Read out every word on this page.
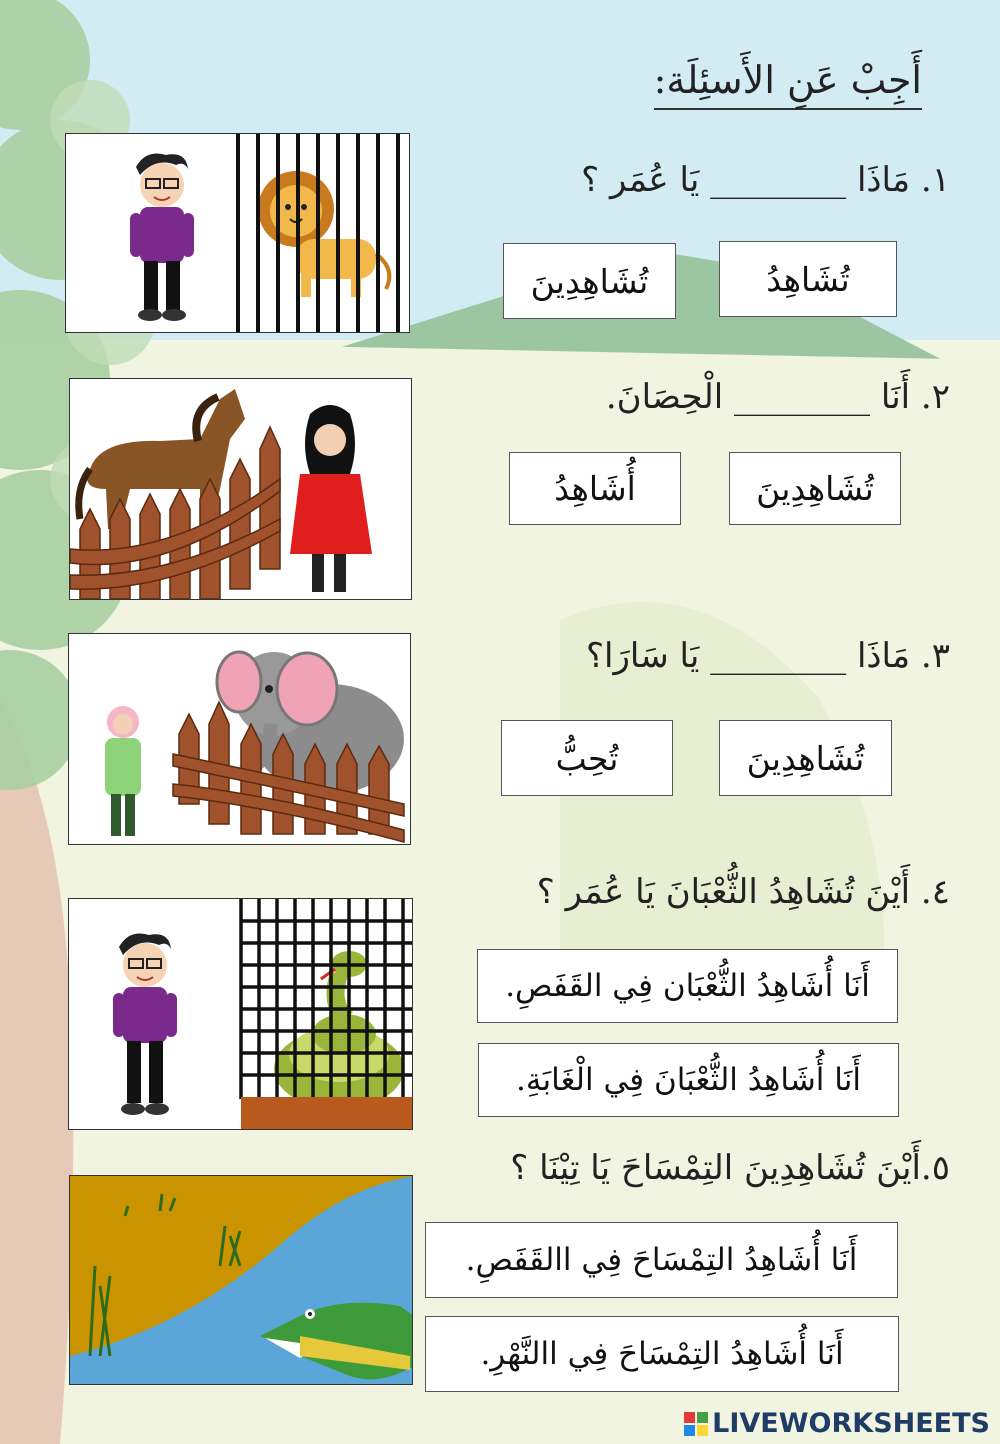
أَجِبْ عَنِ الأَسئِلَة:
١. مَاذَا ________ يَا عُمَر ؟
تُشَاهِدُ
تُشَاهِدِينَ
٢. أَنَا ________ الْحِصَانَ.
تُشَاهِدِينَ
أُشَاهِدُ
٣. مَاذَا ________ يَا سَارَا؟
تُشَاهِدِينَ
تُحِبُّ
٤. أَيْنَ تُشَاهِدُ الثُّعْبَانَ يَا عُمَر ؟
أَنَا أُشَاهِدُ الثُّعْبَان فِي القَفَصِ.
أَنَا أُشَاهِدُ الثُّعْبَانَ فِي الْغَابَةِ.
٥.أَيْنَ تُشَاهِدِينَ التِمْسَاحَ يَا تِيْنَا ؟
أَنَا أُشَاهِدُ التِمْسَاحَ فِي االقَفَصِ.
أَنَا أُشَاهِدُ التِمْسَاحَ فِي االنَّهْرِ.
LIVEWORKSHEETS
